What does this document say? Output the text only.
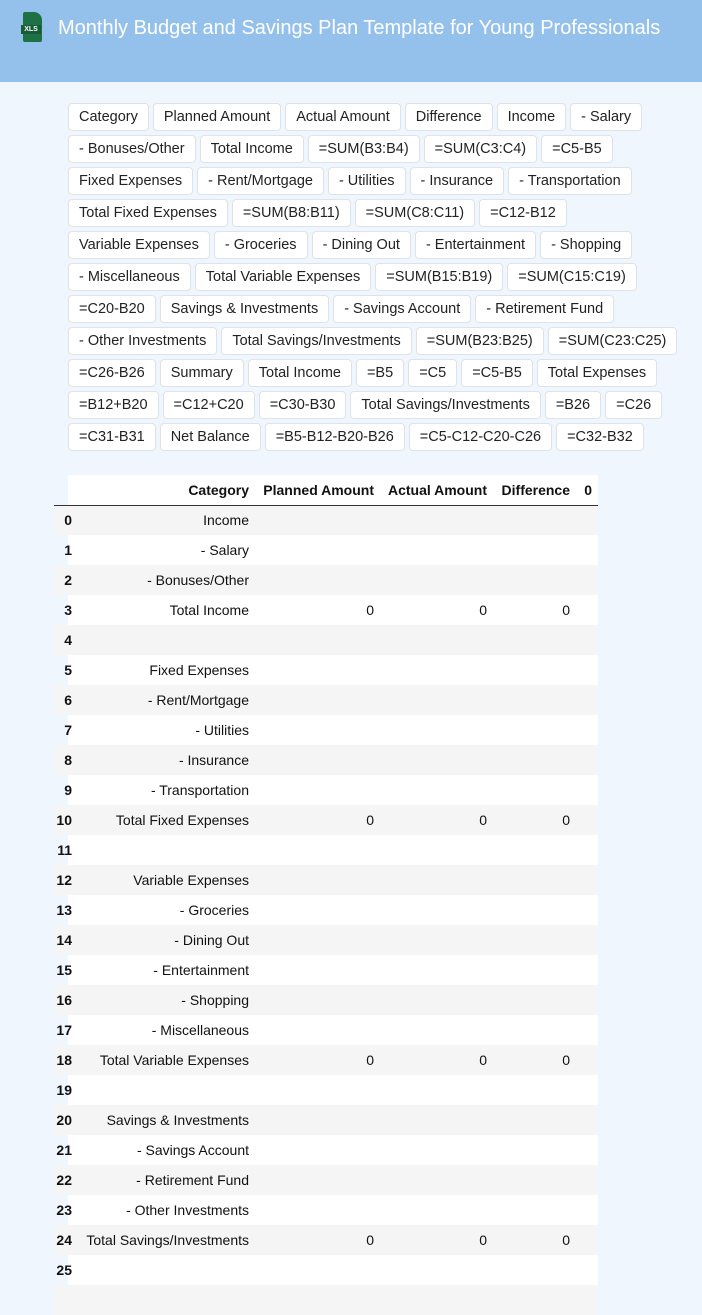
XLS Monthly Budget and Savings Plan Template for Young Professionals
Category	Planned Amount	Actual Amount	Difference	Income	- Salary
- Bonuses/Other	Total Income	=SUM(B3:B4)	=SUM(C3:C4)	=C5-B5
Fixed Expenses	- Rent/Mortgage	- Utilities	- Insurance	- Transportation
Total Fixed Expenses	=SUM(B8:B11)	=SUM(C8:C11)	=C12-B12
Variable Expenses	- Groceries	- Dining Out	- Entertainment	- Shopping
- Miscellaneous	Total Variable Expenses	=SUM(B15:B19)	=SUM(C15:C19)
=C20-B20	Savings & Investments	- Savings Account	- Retirement Fund
- Other Investments	Total Savings/Investments	=SUM(B23:B25)	=SUM(C23:C25)
=C26-B26	Summary	Total Income	=B5	=C5	=C5-B5	Total Expenses
=B12+B20	=C12+C20	=C30-B30	Total Savings/Investments	=B26	=C26
=C31-B31	Net Balance	=B5-B12-B20-B26	=C5-C12-C20-C26	=C32-B32
	Category	Planned Amount	Actual Amount	Difference	0
0	Income				
1	- Salary				
2	- Bonuses/Other				
3	Total Income	0	0	0	
4					
5	Fixed Expenses				
6	- Rent/Mortgage				
7	- Utilities				
8	- Insurance				
9	- Transportation				
10	Total Fixed Expenses	0	0	0	
11					
12	Variable Expenses				
13	- Groceries				
14	- Dining Out				
15	- Entertainment				
16	- Shopping				
17	- Miscellaneous				
18	Total Variable Expenses	0	0	0	
19					
20	Savings & Investments				
21	- Savings Account				
22	- Retirement Fund				
23	- Other Investments				
24	Total Savings/Investments	0	0	0	
25					
